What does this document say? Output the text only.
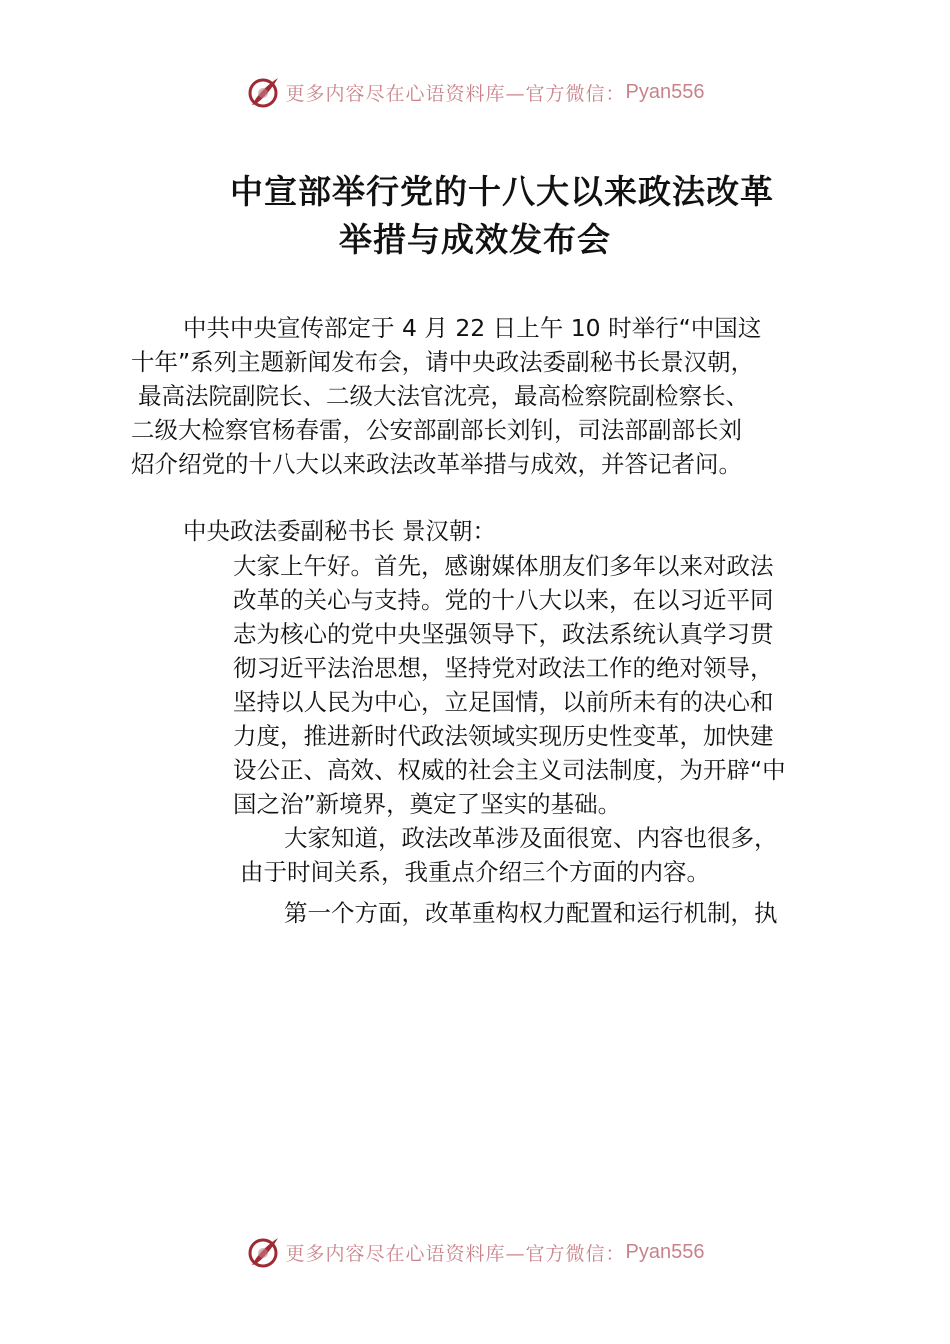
更多内容尽在心语资料库—官方微信： Pyan556
中宣部举行党的十八大以来政法改革
举措与成效发布会
中共中央宣传部定于 4 月 22 日上午 10 时举行“中国这
十年”系列主题新闻发布会，请中央政法委副秘书长景汉朝，
最高法院副院长、二级大法官沈亮，最高检察院副检察长、
二级大检察官杨春雷，公安部副部长刘钊，司法部副部长刘
炤介绍党的十八大以来政法改革举措与成效，并答记者问。
中央政法委副秘书长 景汉朝：
大家上午好。首先，感谢媒体朋友们多年以来对政法
改革的关心与支持。党的十八大以来，在以习近平同
志为核心的党中央坚强领导下，政法系统认真学习贯
彻习近平法治思想，坚持党对政法工作的绝对领导，
坚持以人民为中心，立足国情，以前所未有的决心和
力度，推进新时代政法领域实现历史性变革，加快建
设公正、高效、权威的社会主义司法制度，为开辟“中
国之治”新境界，奠定了坚实的基础。
大家知道，政法改革涉及面很宽、内容也很多，
由于时间关系，我重点介绍三个方面的内容。
第一个方面，改革重构权力配置和运行机制，执
更多内容尽在心语资料库—官方微信： Pyan556
